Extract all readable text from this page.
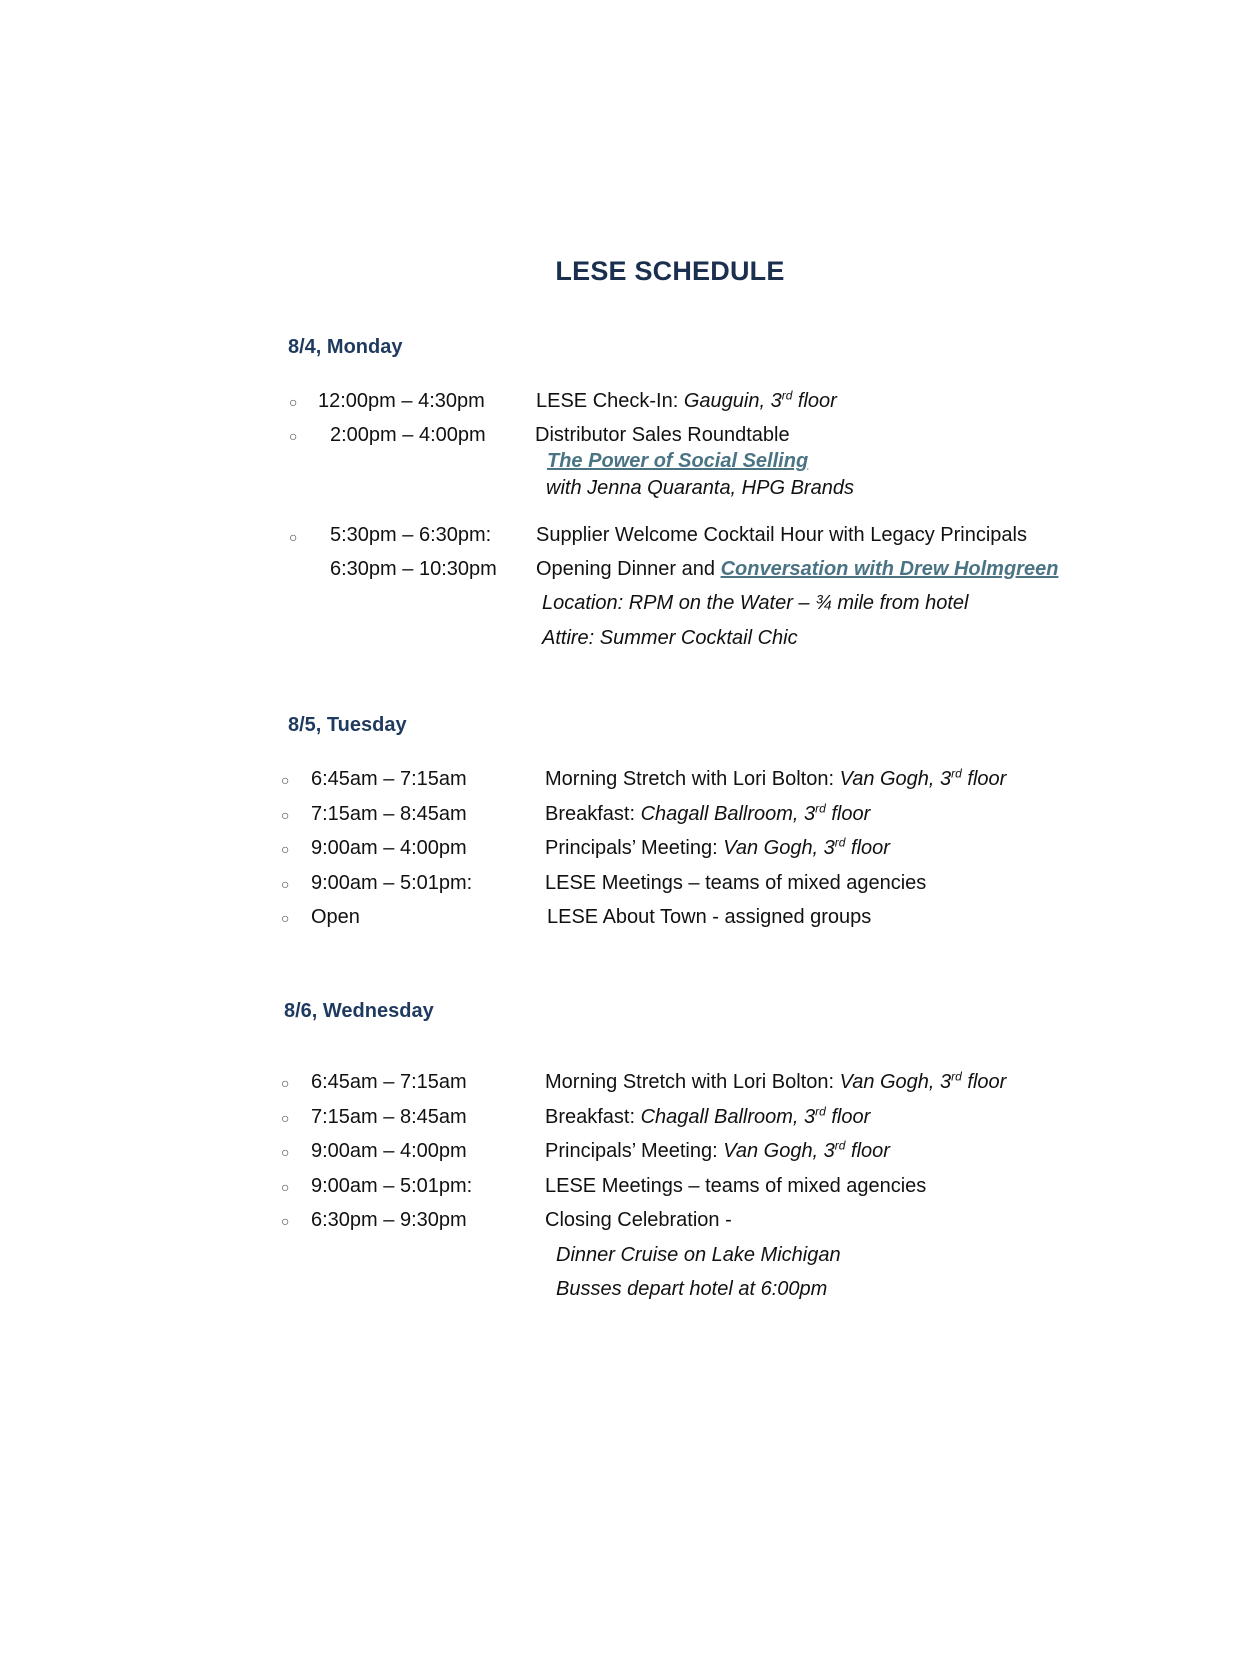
LESE SCHEDULE
8/4, Monday
○ 12:00pm – 4:30pm	LESE Check-In: Gauguin, 3rd floor
○ 2:00pm – 4:00pm Distributor Sales Roundtable
The Power of Social Selling
with Jenna Quaranta, HPG Brands
○ 5:30pm – 6:30pm: Supplier Welcome Cocktail Hour with Legacy Principals
6:30pm – 10:30pm Opening Dinner and Conversation with Drew Holmgreen
Location: RPM on the Water – ¾ mile from hotel
Attire: Summer Cocktail Chic
8/5, Tuesday
○ 6:45am – 7:15am	Morning Stretch with Lori Bolton: Van Gogh, 3rd floor
○ 7:15am – 8:45am	Breakfast: Chagall Ballroom, 3rd floor
○ 9:00am – 4:00pm	Principals’ Meeting: Van Gogh, 3rd floor
○ 9:00am – 5:01pm:	LESE Meetings – teams of mixed agencies
○ Open	LESE About Town - assigned groups
8/6, Wednesday
○ 6:45am – 7:15am	Morning Stretch with Lori Bolton: Van Gogh, 3rd floor
○ 7:15am – 8:45am	Breakfast: Chagall Ballroom, 3rd floor
○ 9:00am – 4:00pm	Principals’ Meeting: Van Gogh, 3rd floor
○ 9:00am – 5:01pm:	LESE Meetings – teams of mixed agencies
○ 6:30pm – 9:30pm	Closing Celebration -
Dinner Cruise on Lake Michigan
Busses depart hotel at 6:00pm
